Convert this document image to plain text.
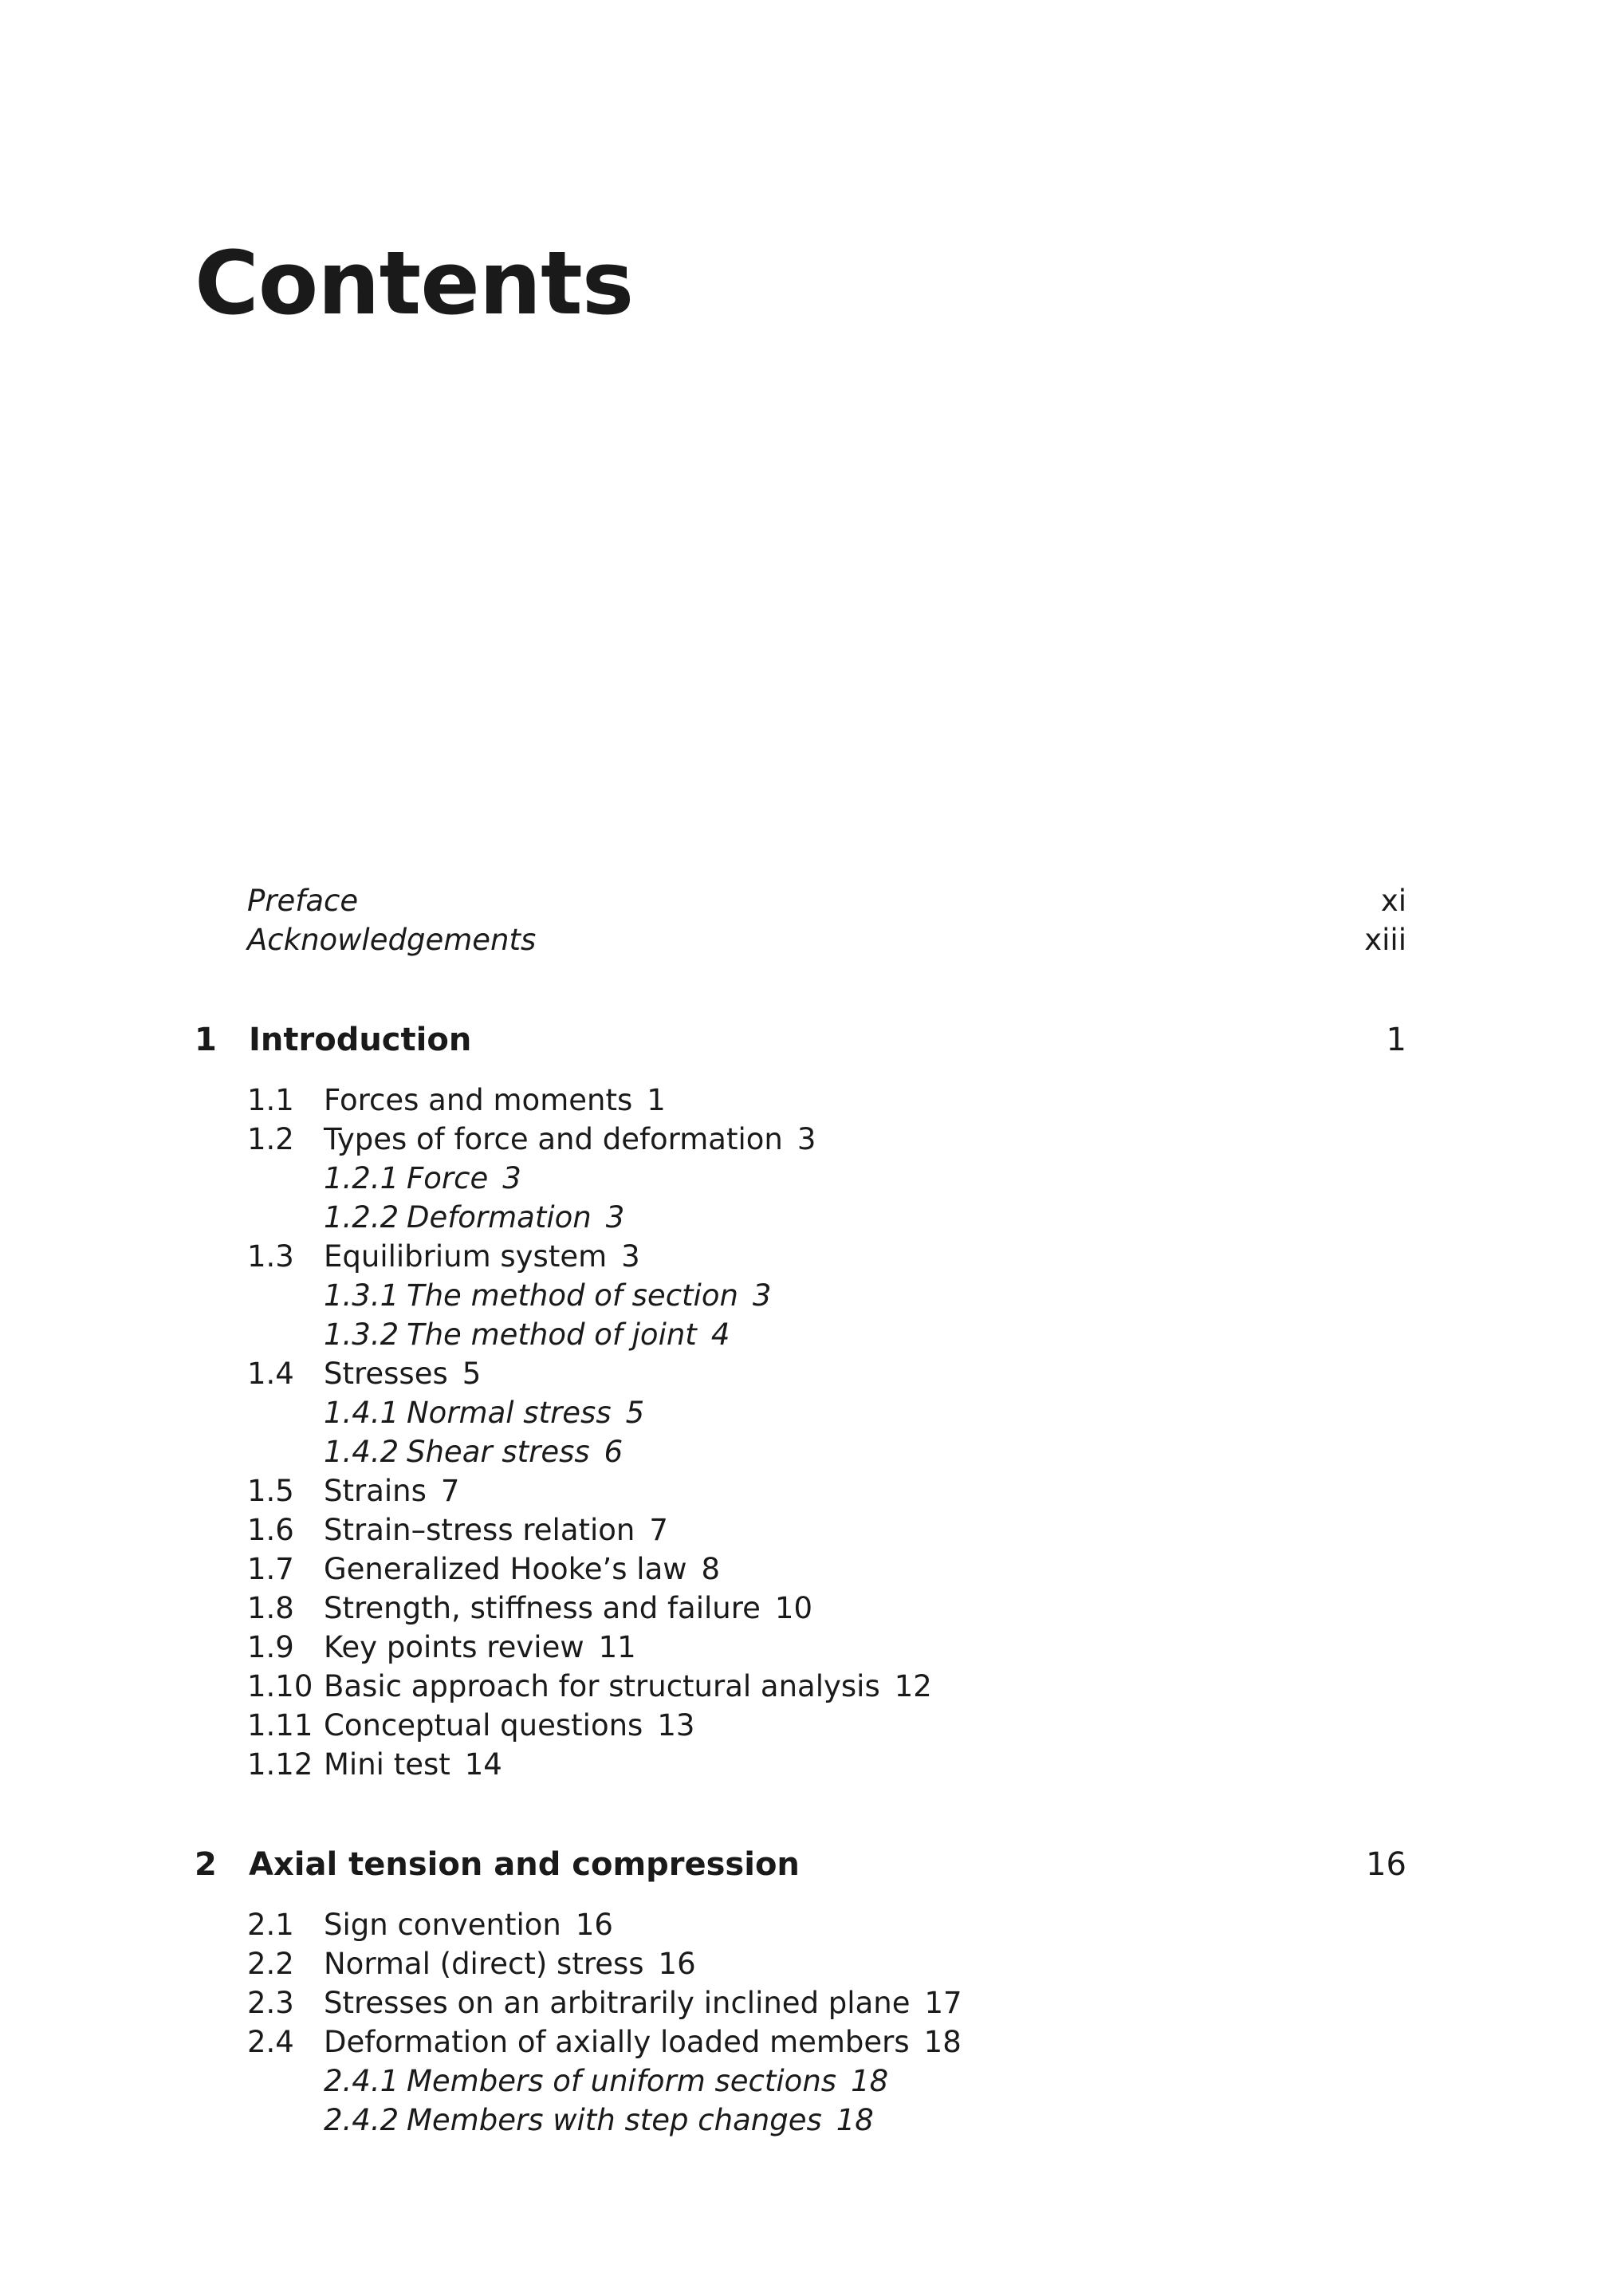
Contents
Preface	xi
Acknowledgements	xiii
1 Introduction	1
1.1 Forces and moments 1
1.2 Types of force and deformation 3
1.2.1 Force 3
1.2.2 Deformation 3
1.3 Equilibrium system 3
1.3.1 The method of section 3
1.3.2 The method of joint 4
1.4 Stresses 5
1.4.1 Normal stress 5
1.4.2 Shear stress 6
1.5 Strains 7
1.6 Strain–stress relation 7
1.7 Generalized Hooke’s law 8
1.8 Strength, stiffness and failure 10
1.9 Key points review 11
1.10 Basic approach for structural analysis 12
1.11 Conceptual questions 13
1.12 Mini test 14
2 Axial tension and compression	16
2.1 Sign convention 16
2.2 Normal (direct) stress 16
2.3 Stresses on an arbitrarily inclined plane 17
2.4 Deformation of axially loaded members 18
2.4.1 Members of uniform sections 18
2.4.2 Members with step changes 18
